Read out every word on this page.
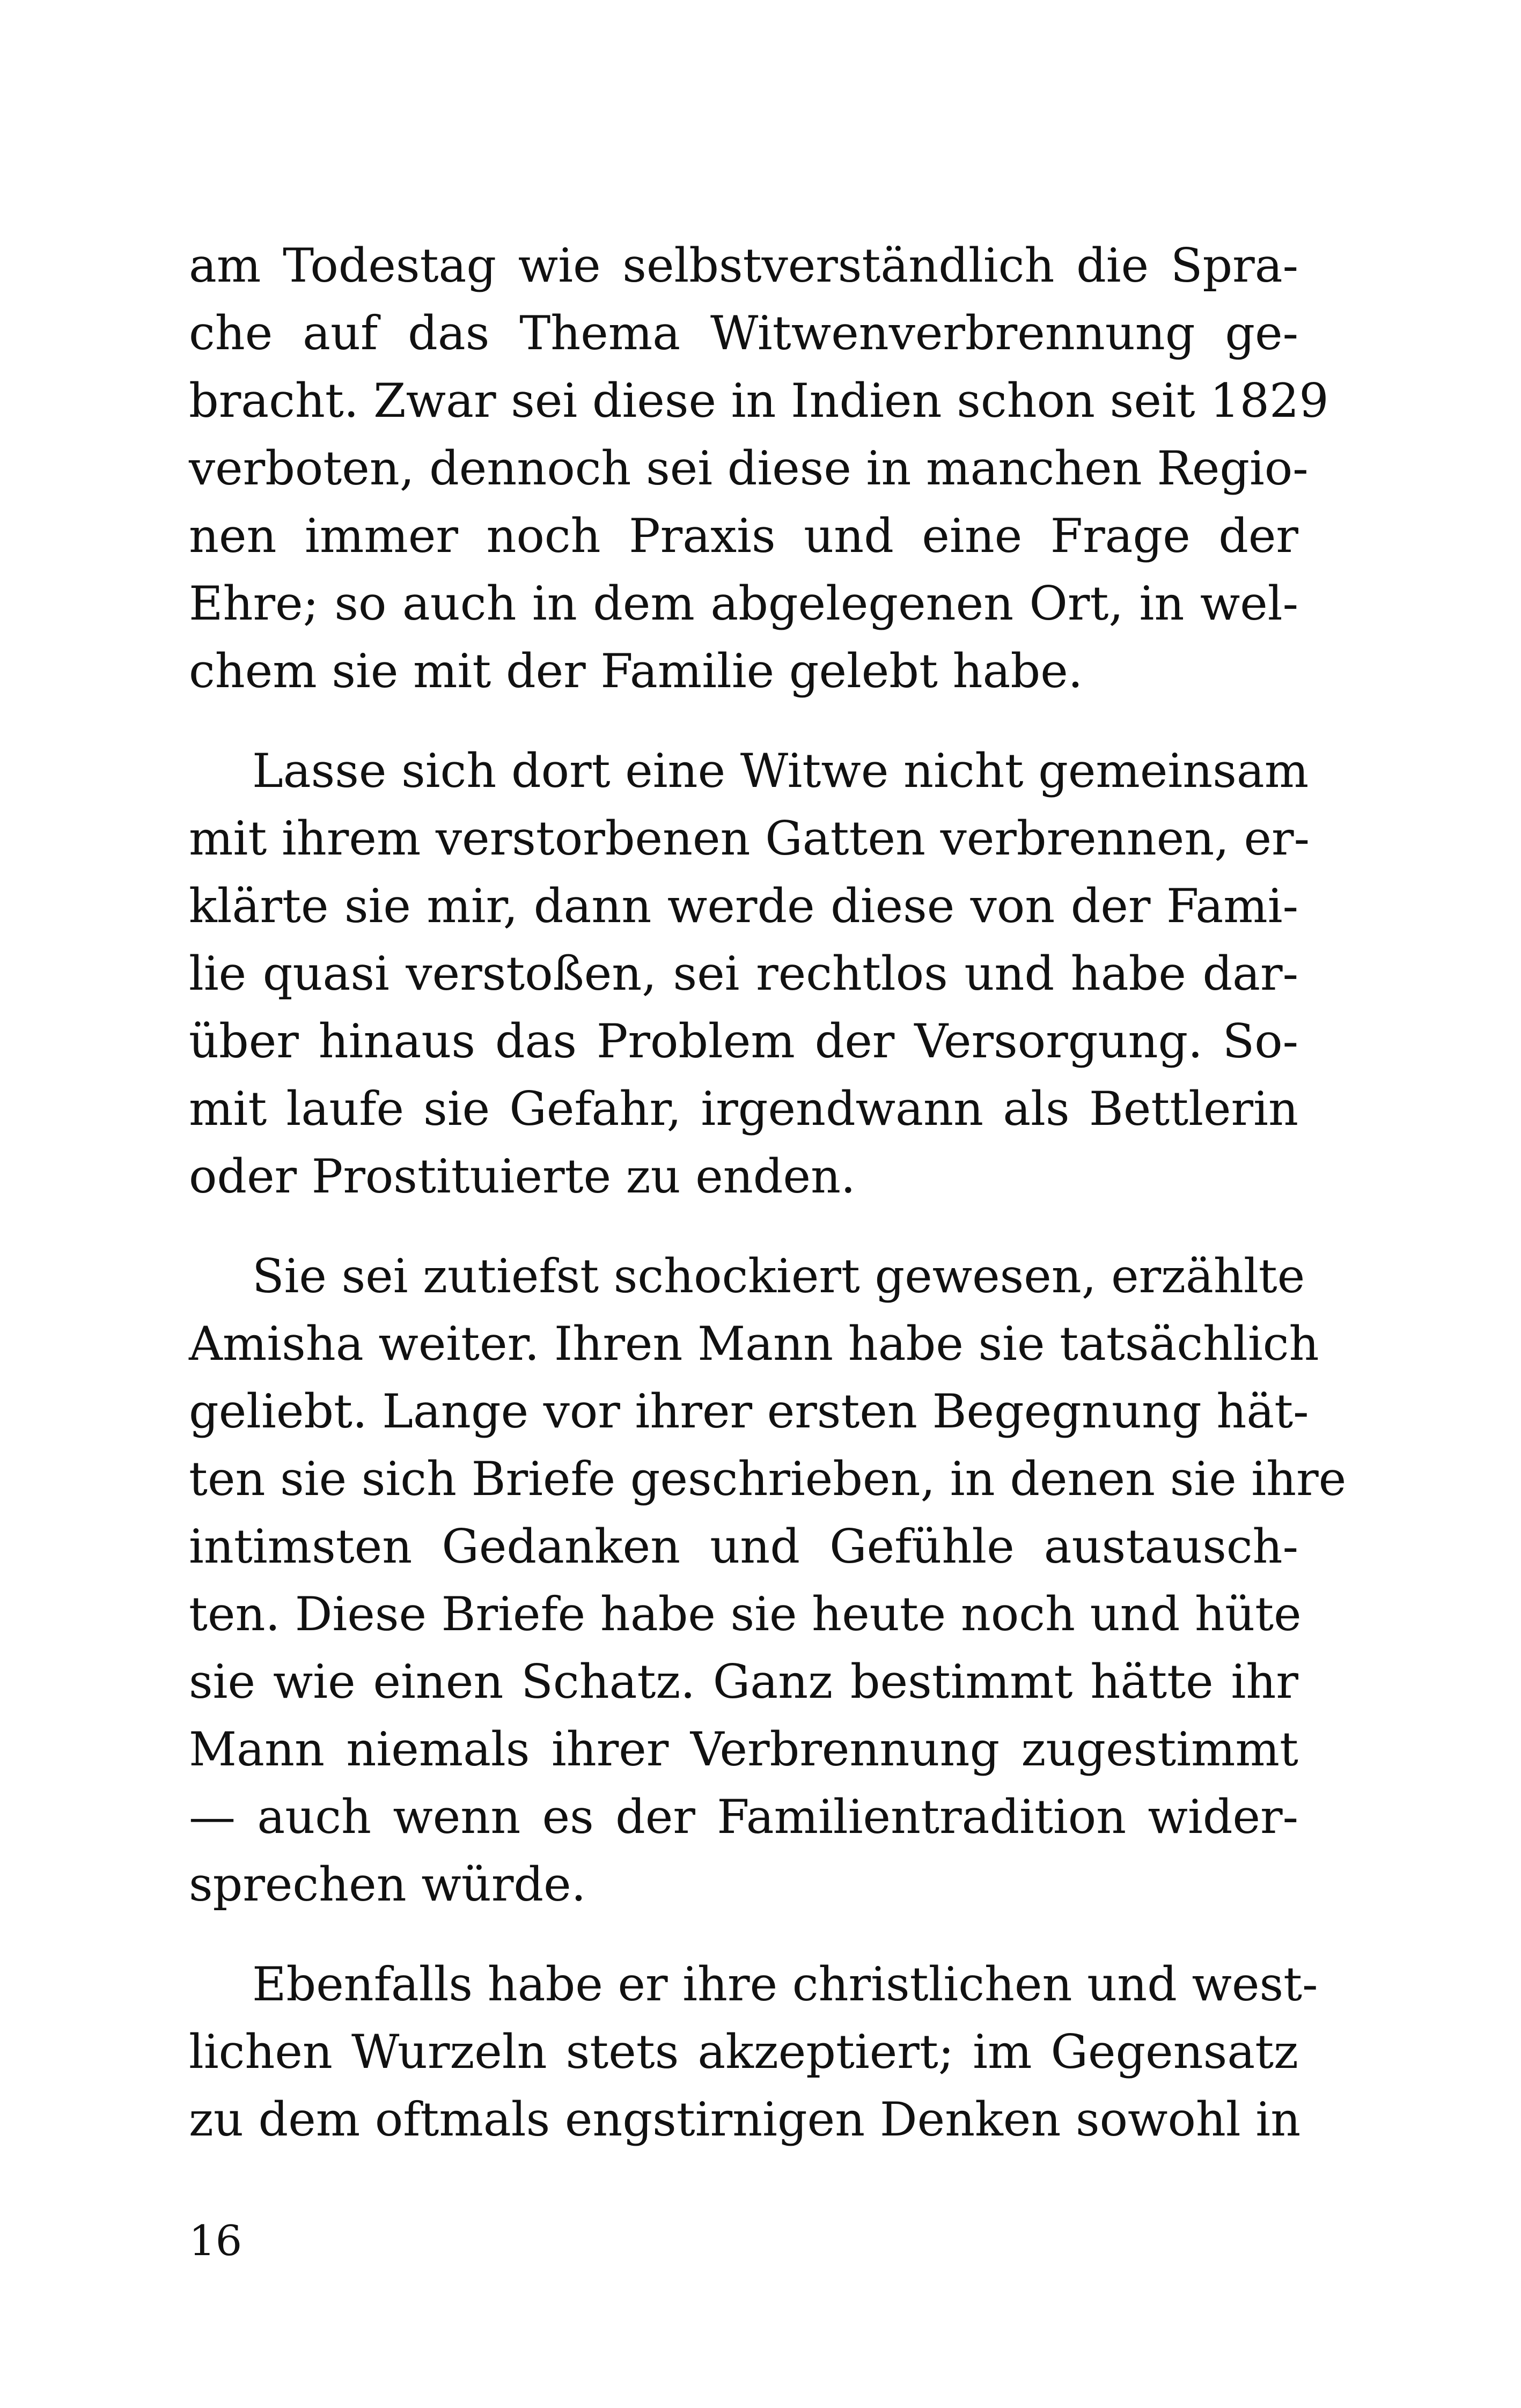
am Todestag wie selbstverständlich die Spra-
che auf das Thema Witwenverbrennung ge-
bracht. Zwar sei diese in Indien schon seit 1829
verboten, dennoch sei diese in manchen Regio-
nen immer noch Praxis und eine Frage der
Ehre; so auch in dem abgelegenen Ort, in wel-
chem sie mit der Familie gelebt habe.
Lasse sich dort eine Witwe nicht gemeinsam
mit ihrem verstorbenen Gatten verbrennen, er-
klärte sie mir, dann werde diese von der Fami-
lie quasi verstoßen, sei rechtlos und habe dar-
über hinaus das Problem der Versorgung. So-
mit laufe sie Gefahr, irgendwann als Bettlerin
oder Prostituierte zu enden.
Sie sei zutiefst schockiert gewesen, erzählte
Amisha weiter. Ihren Mann habe sie tatsächlich
geliebt. Lange vor ihrer ersten Begegnung hät-
ten sie sich Briefe geschrieben, in denen sie ihre
intimsten Gedanken und Gefühle austausch-
ten. Diese Briefe habe sie heute noch und hüte
sie wie einen Schatz. Ganz bestimmt hätte ihr
Mann niemals ihrer Verbrennung zugestimmt
— auch wenn es der Familientradition wider-
sprechen würde.
Ebenfalls habe er ihre christlichen und west-
lichen Wurzeln stets akzeptiert; im Gegensatz
zu dem oftmals engstirnigen Denken sowohl in
16
